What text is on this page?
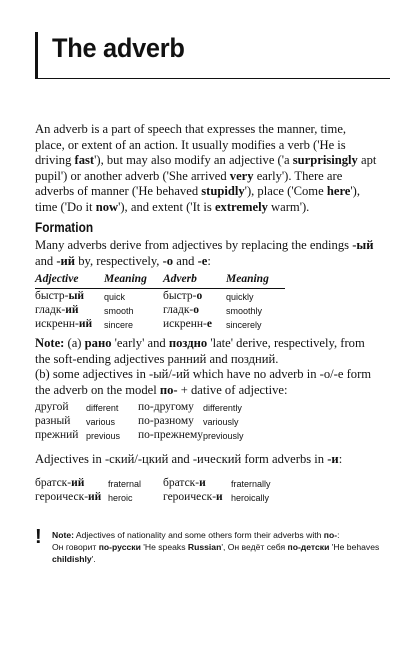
The adverb
An adverb is a part of speech that expresses the manner, time, place, or extent of an action. It usually modifies a verb ('He is driving fast'), but may also modify an adjective ('a surprisingly apt pupil') or another adverb ('She arrived very early'). There are adverbs of manner ('He behaved stupidly'), place ('Come here'), time ('Do it now'), and extent ('It is extremely warm').
Formation
Many adverbs derive from adjectives by replacing the endings -ый and -ий by, respectively, -о and -е:
Adjective Meaning Adverb	Meaning
быстр-ый quick	быстр-о	quickly
гладк-ий	smooth	гладк-о	smoothly
искренн-ий sincere	искренн-е sincerely
Note: (a) рано 'early' and поздно 'late' derive, respectively, from the soft-ending adjectives ранний and поздний.
(b) some adjectives in -ый/-ий which have no adverb in -о/-е form the adverb on the model по- + dative of adjective:
другой different по-другому differently
разный various по-разному variously
прежний previous по-прежнему previously
Adjectives in -ский/-цкий and -ический form adverbs in -и:
братск-ий	fraternal братск-и	fraternally
героическ-ий heroic	героическ-и heroically
! Note: Adjectives of nationality and some others form their adverbs with по-:
Он говорит по-русски 'He speaks Russian', Он ведёт себя по-детски 'He behaves childishly'.
